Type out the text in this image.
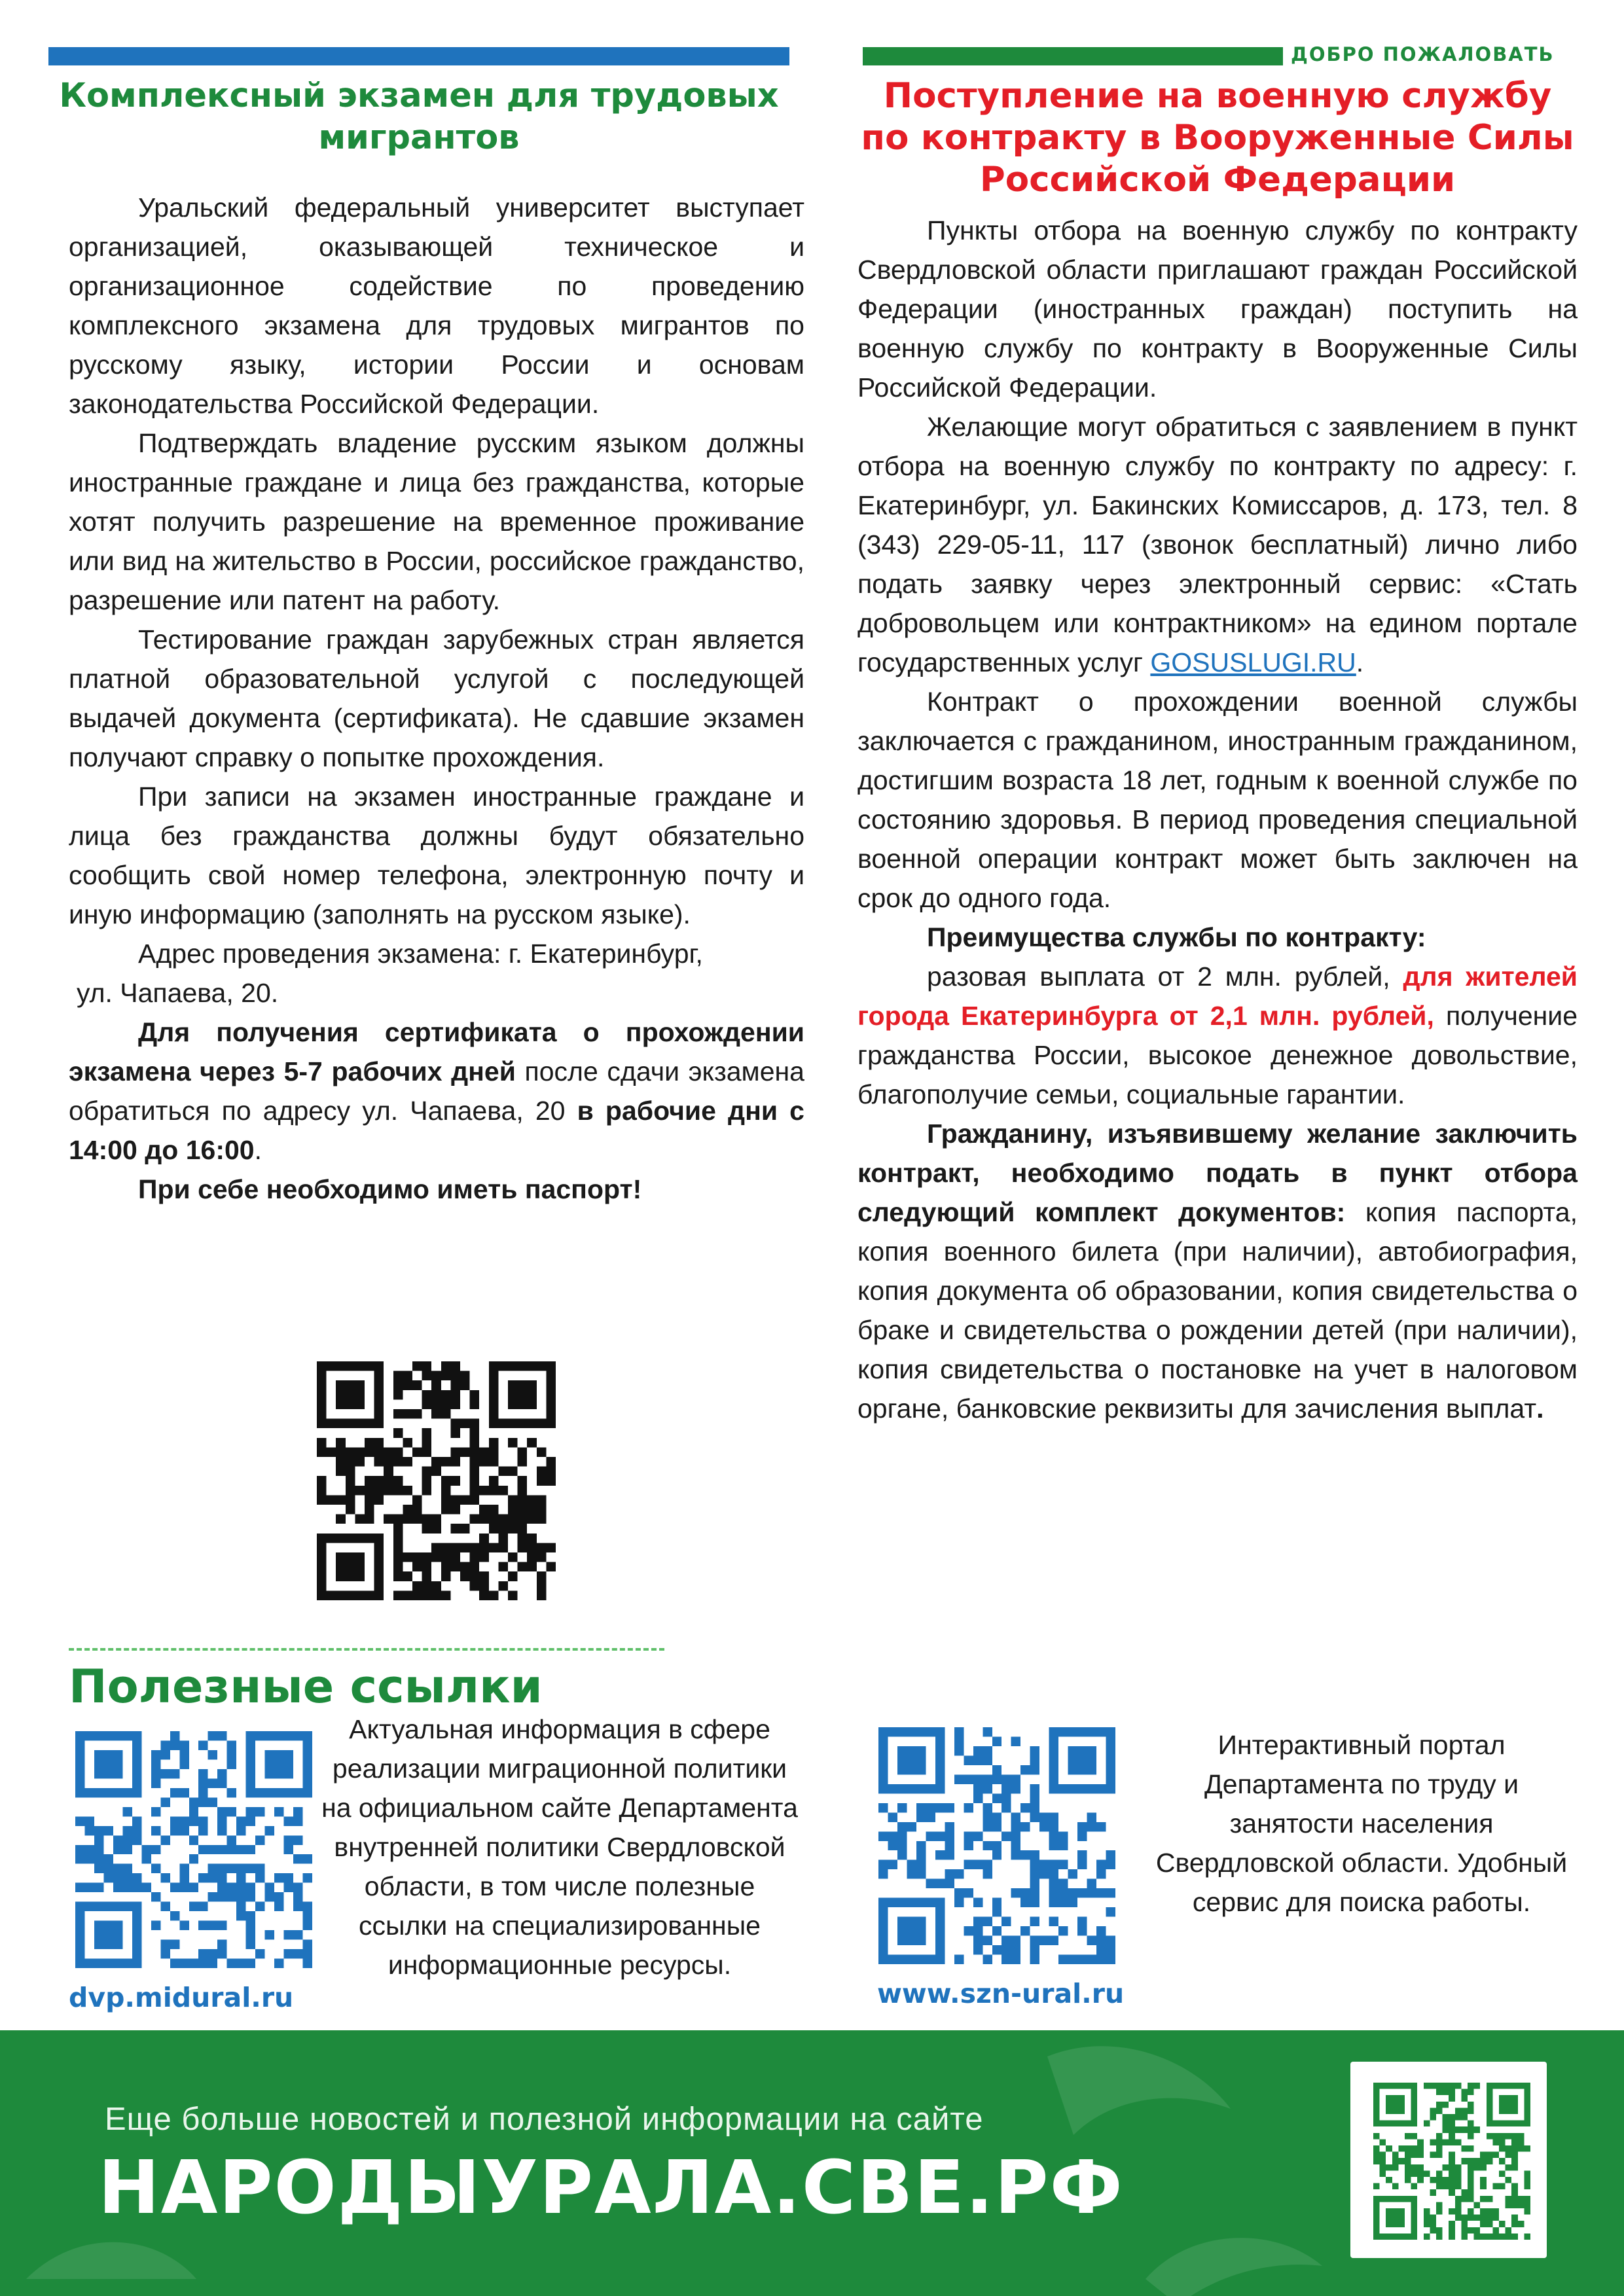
ДОБРО ПОЖАЛОВАТЬ
Комплексный экзамен для трудовых мигрантов
Поступление на военную службу по контракту в Вооруженные Силы Российской Федерации

Уральский федеральный университет выступает организацией, оказывающей техническое и организационное содействие по проведению комплексного экзамена для трудовых мигрантов по русскому языку, истории России и основам законодательства Российской Федерации.

Подтверждать владение русским языком должны иностранные граждане и лица без гражданства, которые хотят получить разрешение на временное проживание или вид на жительство в России, российское гражданство, разрешение или патент на работу.

Тестирование граждан зарубежных стран является платной образовательной услугой с последующей выдачей документа (сертификата). Не сдавшие экзамен получают справку о попытке прохождения.

При записи на экзамен иностранные граждане и лица без гражданства должны будут обязательно сообщить свой номер телефона, электронную почту и иную информацию (заполнять на русском языке).

Адрес проведения экзамена: г. Екатеринбург,

ул. Чапаева, 20.

Для получения сертификата о прохождении экзамена через 5-7 рабочих дней после сдачи экзамена обратиться по адресу ул. Чапаева, 20 в рабочие дни с 14:00 до 16:00.

При себе необходимо иметь паспорт!

Пункты отбора на военную службу по контракту Свердловской области приглашают граждан Российской Федерации (иностранных граждан) поступить на военную службу по контракту в Вооруженные Силы Российской Федерации.

Желающие могут обратиться с заявлением в пункт отбора на военную службу по контракту по адресу: г. Екатеринбург, ул. Бакинских Комиссаров, д. 173, тел. 8 (343) 229-05-11, 117 (звонок бесплатный) лично либо подать заявку через электронный сервис: «Стать добровольцем или контрактником» на едином портале государственных услуг GOSUSLUGI.RU.

Контракт о прохождении военной службы заключается с гражданином, иностранным гражданином, достигшим возраста 18 лет, годным к военной службе по состоянию здоровья. В период проведения специальной военной операции контракт может быть заключен на срок до одного года.

Преимущества службы по контракту:

разовая выплата от 2 млн. рублей, для жителей города Екатеринбурга от 2,1 млн. рублей, получение гражданства России, высокое денежное довольствие, благополучие семьи, социальные гарантии.

Гражданину, изъявившему желание заключить контракт, необходимо подать в пункт отбора следующий комплект документов: копия паспорта, копия военного билета (при наличии), автобиография, копия документа об образовании, копия свидетельства о браке и свидетельства о рождении детей (при наличии), копия свидетельства о постановке на учет в налоговом органе, банковские реквизиты для зачисления выплат.

Полезные ссылки
Актуальная информация в сфере реализации миграционной политики на официальном сайте Департамента внутренней политики Свердловской области, в том числе полезные ссылки на специализированные информационные ресурсы.
dvp.midural.ru
Интерактивный портал Департамента по труду и занятости населения Свердловской области. Удобный сервис для поиска работы.
www.szn-ural.ru
Еще больше новостей и полезной информации на сайте
НАРОДЫУРАЛА.СВЕ.РФ
